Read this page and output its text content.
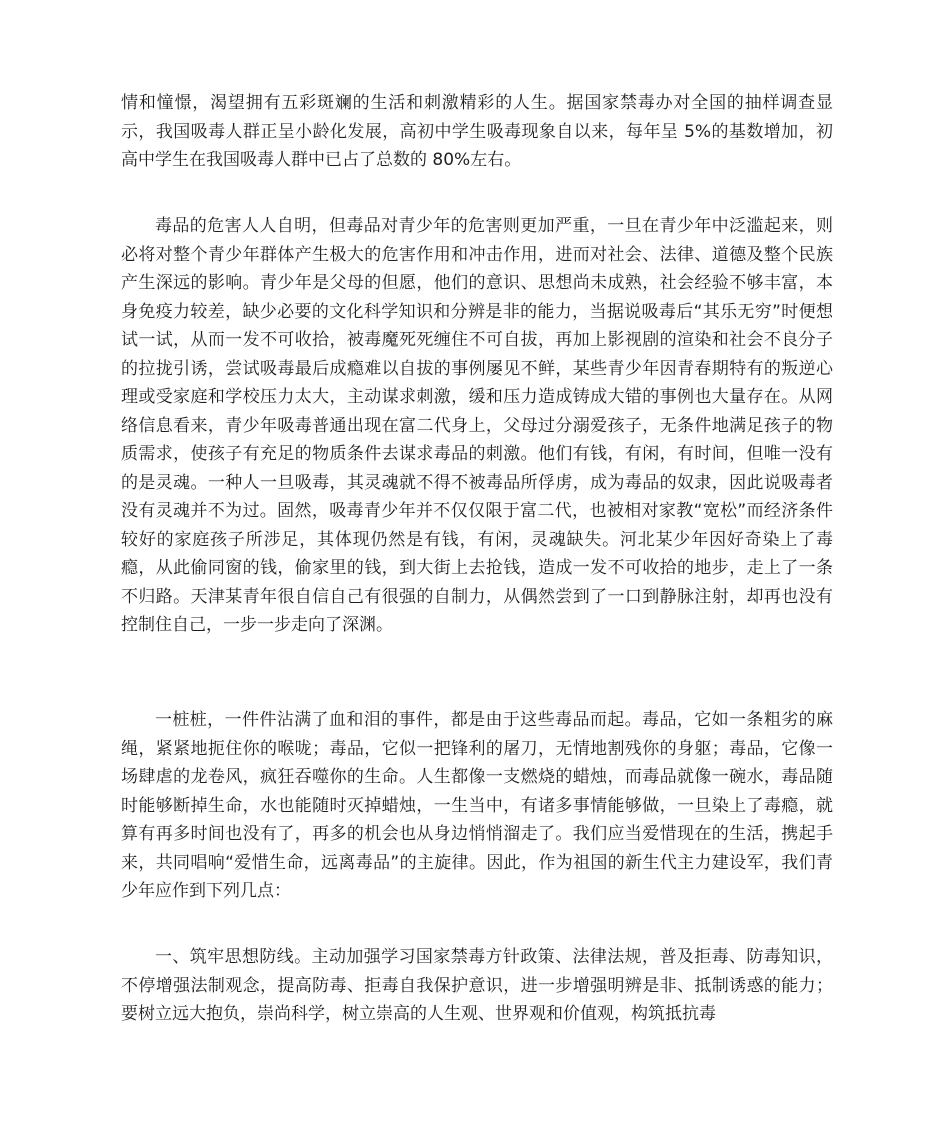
情和憧憬，渴望拥有五彩斑斓的生活和刺激精彩的人生。据国家禁毒办对全国的抽样调查显示，我国吸毒人群正呈小龄化发展，高初中学生吸毒现象自以来，每年呈 5%的基数增加，初高中学生在我国吸毒人群中已占了总数的 80%左右。

毒品的危害人人自明，但毒品对青少年的危害则更加严重，一旦在青少年中泛滥起来，则必将对整个青少年群体产生极大的危害作用和冲击作用，进而对社会、法律、道德及整个民族产生深远的影响。青少年是父母的但愿，他们的意识、思想尚未成熟，社会经验不够丰富，本身免疫力较差，缺少必要的文化科学知识和分辨是非的能力，当据说吸毒后“其乐无穷”时便想试一试，从而一发不可收拾，被毒魔死死缠住不可自拔，再加上影视剧的渲染和社会不良分子的拉拢引诱，尝试吸毒最后成瘾难以自拔的事例屡见不鲜，某些青少年因青春期特有的叛逆心理或受家庭和学校压力太大，主动谋求刺激，缓和压力造成铸成大错的事例也大量存在。从网络信息看来，青少年吸毒普通出现在富二代身上，父母过分溺爱孩子，无条件地满足孩子的物质需求，使孩子有充足的物质条件去谋求毒品的刺激。他们有钱，有闲，有时间，但唯一没有的是灵魂。一种人一旦吸毒，其灵魂就不得不被毒品所俘虏，成为毒品的奴隶，因此说吸毒者没有灵魂并不为过。固然，吸毒青少年并不仅仅限于富二代，也被相对家教“宽松”而经济条件较好的家庭孩子所涉足，其体现仍然是有钱，有闲，灵魂缺失。河北某少年因好奇染上了毒瘾，从此偷同窗的钱，偷家里的钱，到大街上去抢钱，造成一发不可收拾的地步，走上了一条不归路。天津某青年很自信自己有很强的自制力，从偶然尝到了一口到静脉注射，却再也没有控制住自己，一步一步走向了深渊。

一桩桩，一件件沾满了血和泪的事件，都是由于这些毒品而起。毒品，它如一条粗劣的麻绳，紧紧地扼住你的喉咙；毒品，它似一把锋利的屠刀，无情地割残你的身躯；毒品，它像一场肆虐的龙卷风，疯狂吞噬你的生命。人生都像一支燃烧的蜡烛，而毒品就像一碗水，毒品随时能够断掉生命，水也能随时灭掉蜡烛，一生当中，有诸多事情能够做，一旦染上了毒瘾，就算有再多时间也没有了，再多的机会也从身边悄悄溜走了。我们应当爱惜现在的生活，携起手来，共同唱响“爱惜生命，远离毒品”的主旋律。因此，作为祖国的新生代主力建设军，我们青少年应作到下列几点：

一、筑牢思想防线。主动加强学习国家禁毒方针政策、法律法规，普及拒毒、防毒知识，不停增强法制观念，提高防毒、拒毒自我保护意识，进一步增强明辨是非、抵制诱惑的能力；要树立远大抱负，崇尚科学，树立崇高的人生观、世界观和价值观，构筑抵抗毒
